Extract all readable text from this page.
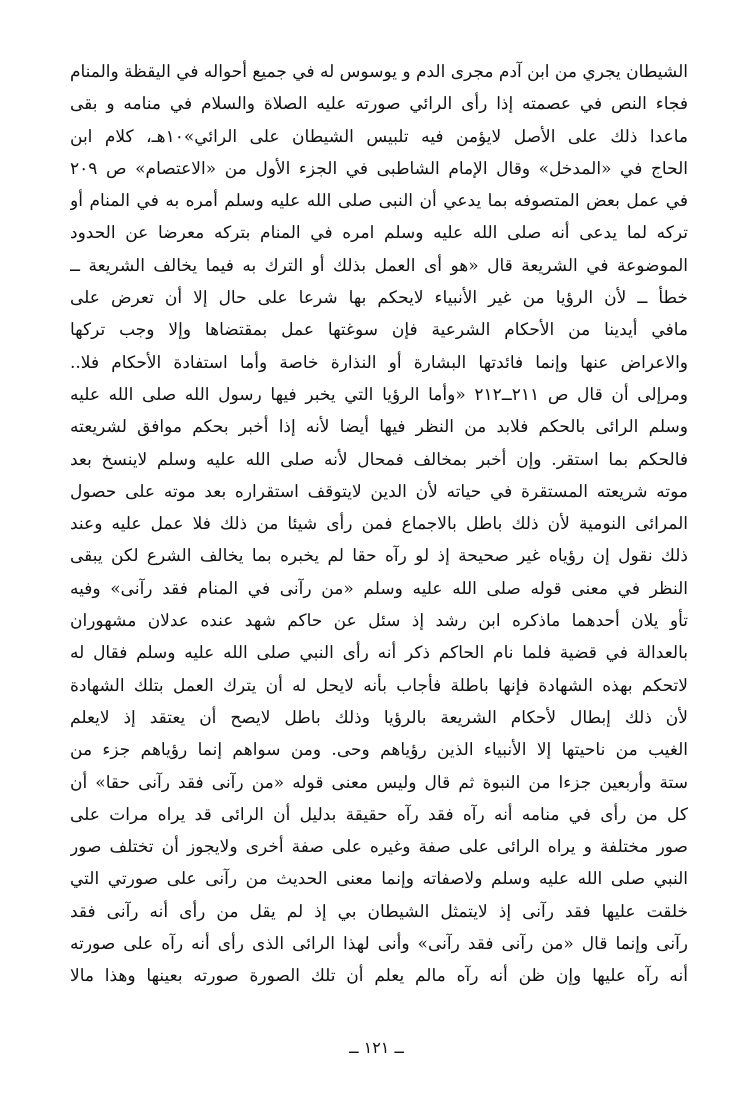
الشيطان يجري من ابن آدم مجرى الدم و يوسوس له في جميع أحواله في اليقظة والمنام
فجاء النص في عصمته إذا رأى الرائي صورته عليه الصلاة والسلام في منامه و بقى
ماعدا ذلك على الأصل لايؤمن فيه تلبيس الشيطان على الرائي»١٠هـ، كلام ابن
الحاج في «المدخل» وقال الإمام الشاطبى في الجزء الأول من «الاعتصام» ص ٢٠٩
في عمل بعض المتصوفه بما يدعي أن النبى صلى الله عليه وسلم أمره به في المنام أو
تركه لما يدعى أنه صلى الله عليه وسلم امره في المنام بتركه معرضا عن الحدود
الموضوعة في الشريعة قال «هو أى العمل بذلك أو الترك به فيما يخالف الشريعة ــ
خطأ ــ لأن الرؤيا من غير الأنبياء لايحكم بها شرعا على حال إلا أن تعرض على
مافي أيدينا من الأحكام الشرعية فإن سوغتها عمل بمقتضاها وإلا وجب تركها
والاعراض عنها وإنما فائدتها البشارة أو النذارة خاصة وأما استفادة الأحكام فلا..
ومرإلى أن قال ص ٢١١ــ٢١٢ «وأما الرؤيا التي يخبر فيها رسول الله صلى الله عليه
وسلم الرائى بالحكم فلابد من النظر فيها أيضا لأنه إذا أخبر بحكم موافق لشريعته
فالحكم بما استقر. وإن أخبر بمخالف فمحال لأنه صلى الله عليه وسلم لاينسخ بعد
موته شريعته المستقرة في حياته لأن الدين لايتوقف استقراره بعد موته على حصول
المرائى النومية لأن ذلك باطل بالاجماع فمن رأى شيئا من ذلك فلا عمل عليه وعند
ذلك نقول إن رؤياه غير صحيحة إذ لو رآه حقا لم يخبره بما يخالف الشرع لكن يبقى
النظر في معنى قوله صلى الله عليه وسلم «من رآنى في المنام فقد رآنى» وفيه
تأو يلان أحدهما ماذكره ابن رشد إذ سئل عن حاكم شهد عنده عدلان مشهوران
بالعدالة في قضية فلما نام الحاكم ذكر أنه رأى النبي صلى الله عليه وسلم فقال له
لاتحكم بهذه الشهادة فإنها باطلة فأجاب بأنه لايحل له أن يترك العمل بتلك الشهادة
لأن ذلك إبطال لأحكام الشريعة بالرؤيا وذلك باطل لايصح أن يعتقد إذ لايعلم
الغيب من ناحيتها إلا الأنبياء الذين رؤياهم وحى. ومن سواهم إنما رؤياهم جزء من
ستة وأربعين جزءا من النبوة ثم قال وليس معنى قوله «من رآنى فقد رآنى حقا» أن
كل من رأى في منامه أنه رآه فقد رآه حقيقة بدليل أن الرائى قد يراه مرات على
صور مختلفة و يراه الرائى على صفة وغيره على صفة أخرى ولايجوز أن تختلف صور
النبي صلى الله عليه وسلم ولاصفاته وإنما معنى الحديث من رآنى على صورتي التي
خلقت عليها فقد رآنى إذ لايتمثل الشيطان بي إذ لم يقل من رأى أنه رآنى فقد
رآنى وإنما قال «من رآنى فقد رآنى» وأنى لهذا الرائى الذى رأى أنه رآه على صورته
أنه رآه عليها وإن ظن أنه رآه مالم يعلم أن تلك الصورة صورته بعينها وهذا مالا
ــ ١٢١ ــ
